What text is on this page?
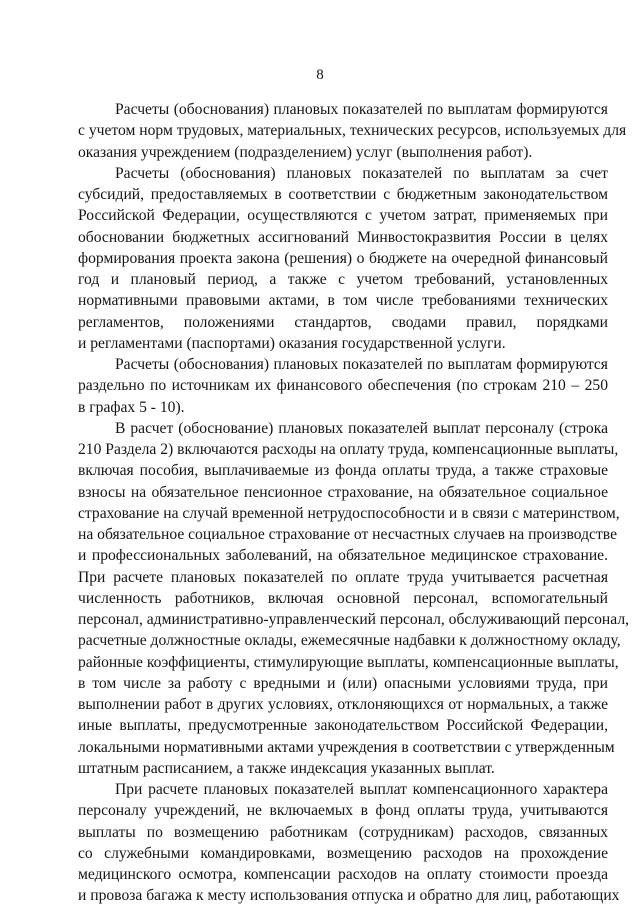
8
Расчеты (обоснования) плановых показателей по выплатам формируются
с учетом норм трудовых, материальных, технических ресурсов, используемых для
оказания учреждением (подразделением) услуг (выполнения работ).
Расчеты (обоснования) плановых показателей по выплатам за счет
субсидий, предоставляемых в соответствии с бюджетным законодательством
Российской Федерации, осуществляются с учетом затрат, применяемых при
обосновании бюджетных ассигнований Минвостокразвития России в целях
формирования проекта закона (решения) о бюджете на очередной финансовый
год и плановый период, а также с учетом требований, установленных
нормативными правовыми актами, в том числе требованиями технических
регламентов, положениями стандартов, сводами правил, порядками
и регламентами (паспортами) оказания государственной услуги.
Расчеты (обоснования) плановых показателей по выплатам формируются
раздельно по источникам их финансового обеспечения (по строкам 210 – 250
в графах 5 - 10).
В расчет (обоснование) плановых показателей выплат персоналу (строка
210 Раздела 2) включаются расходы на оплату труда, компенсационные выплаты,
включая пособия, выплачиваемые из фонда оплаты труда, а также страховые
взносы на обязательное пенсионное страхование, на обязательное социальное
страхование на случай временной нетрудоспособности и в связи с материнством,
на обязательное социальное страхование от несчастных случаев на производстве
и профессиональных заболеваний, на обязательное медицинское страхование.
При расчете плановых показателей по оплате труда учитывается расчетная
численность работников, включая основной персонал, вспомогательный
персонал, административно-управленческий персонал, обслуживающий персонал,
расчетные должностные оклады, ежемесячные надбавки к должностному окладу,
районные коэффициенты, стимулирующие выплаты, компенсационные выплаты,
в том числе за работу с вредными и (или) опасными условиями труда, при
выполнении работ в других условиях, отклоняющихся от нормальных, а также
иные выплаты, предусмотренные законодательством Российской Федерации,
локальными нормативными актами учреждения в соответствии с утвержденным
штатным расписанием, а также индексация указанных выплат.
При расчете плановых показателей выплат компенсационного характера
персоналу учреждений, не включаемых в фонд оплаты труда, учитываются
выплаты по возмещению работникам (сотрудникам) расходов, связанных
со служебными командировками, возмещению расходов на прохождение
медицинского осмотра, компенсации расходов на оплату стоимости проезда
и провоза багажа к месту использования отпуска и обратно для лиц, работающих
